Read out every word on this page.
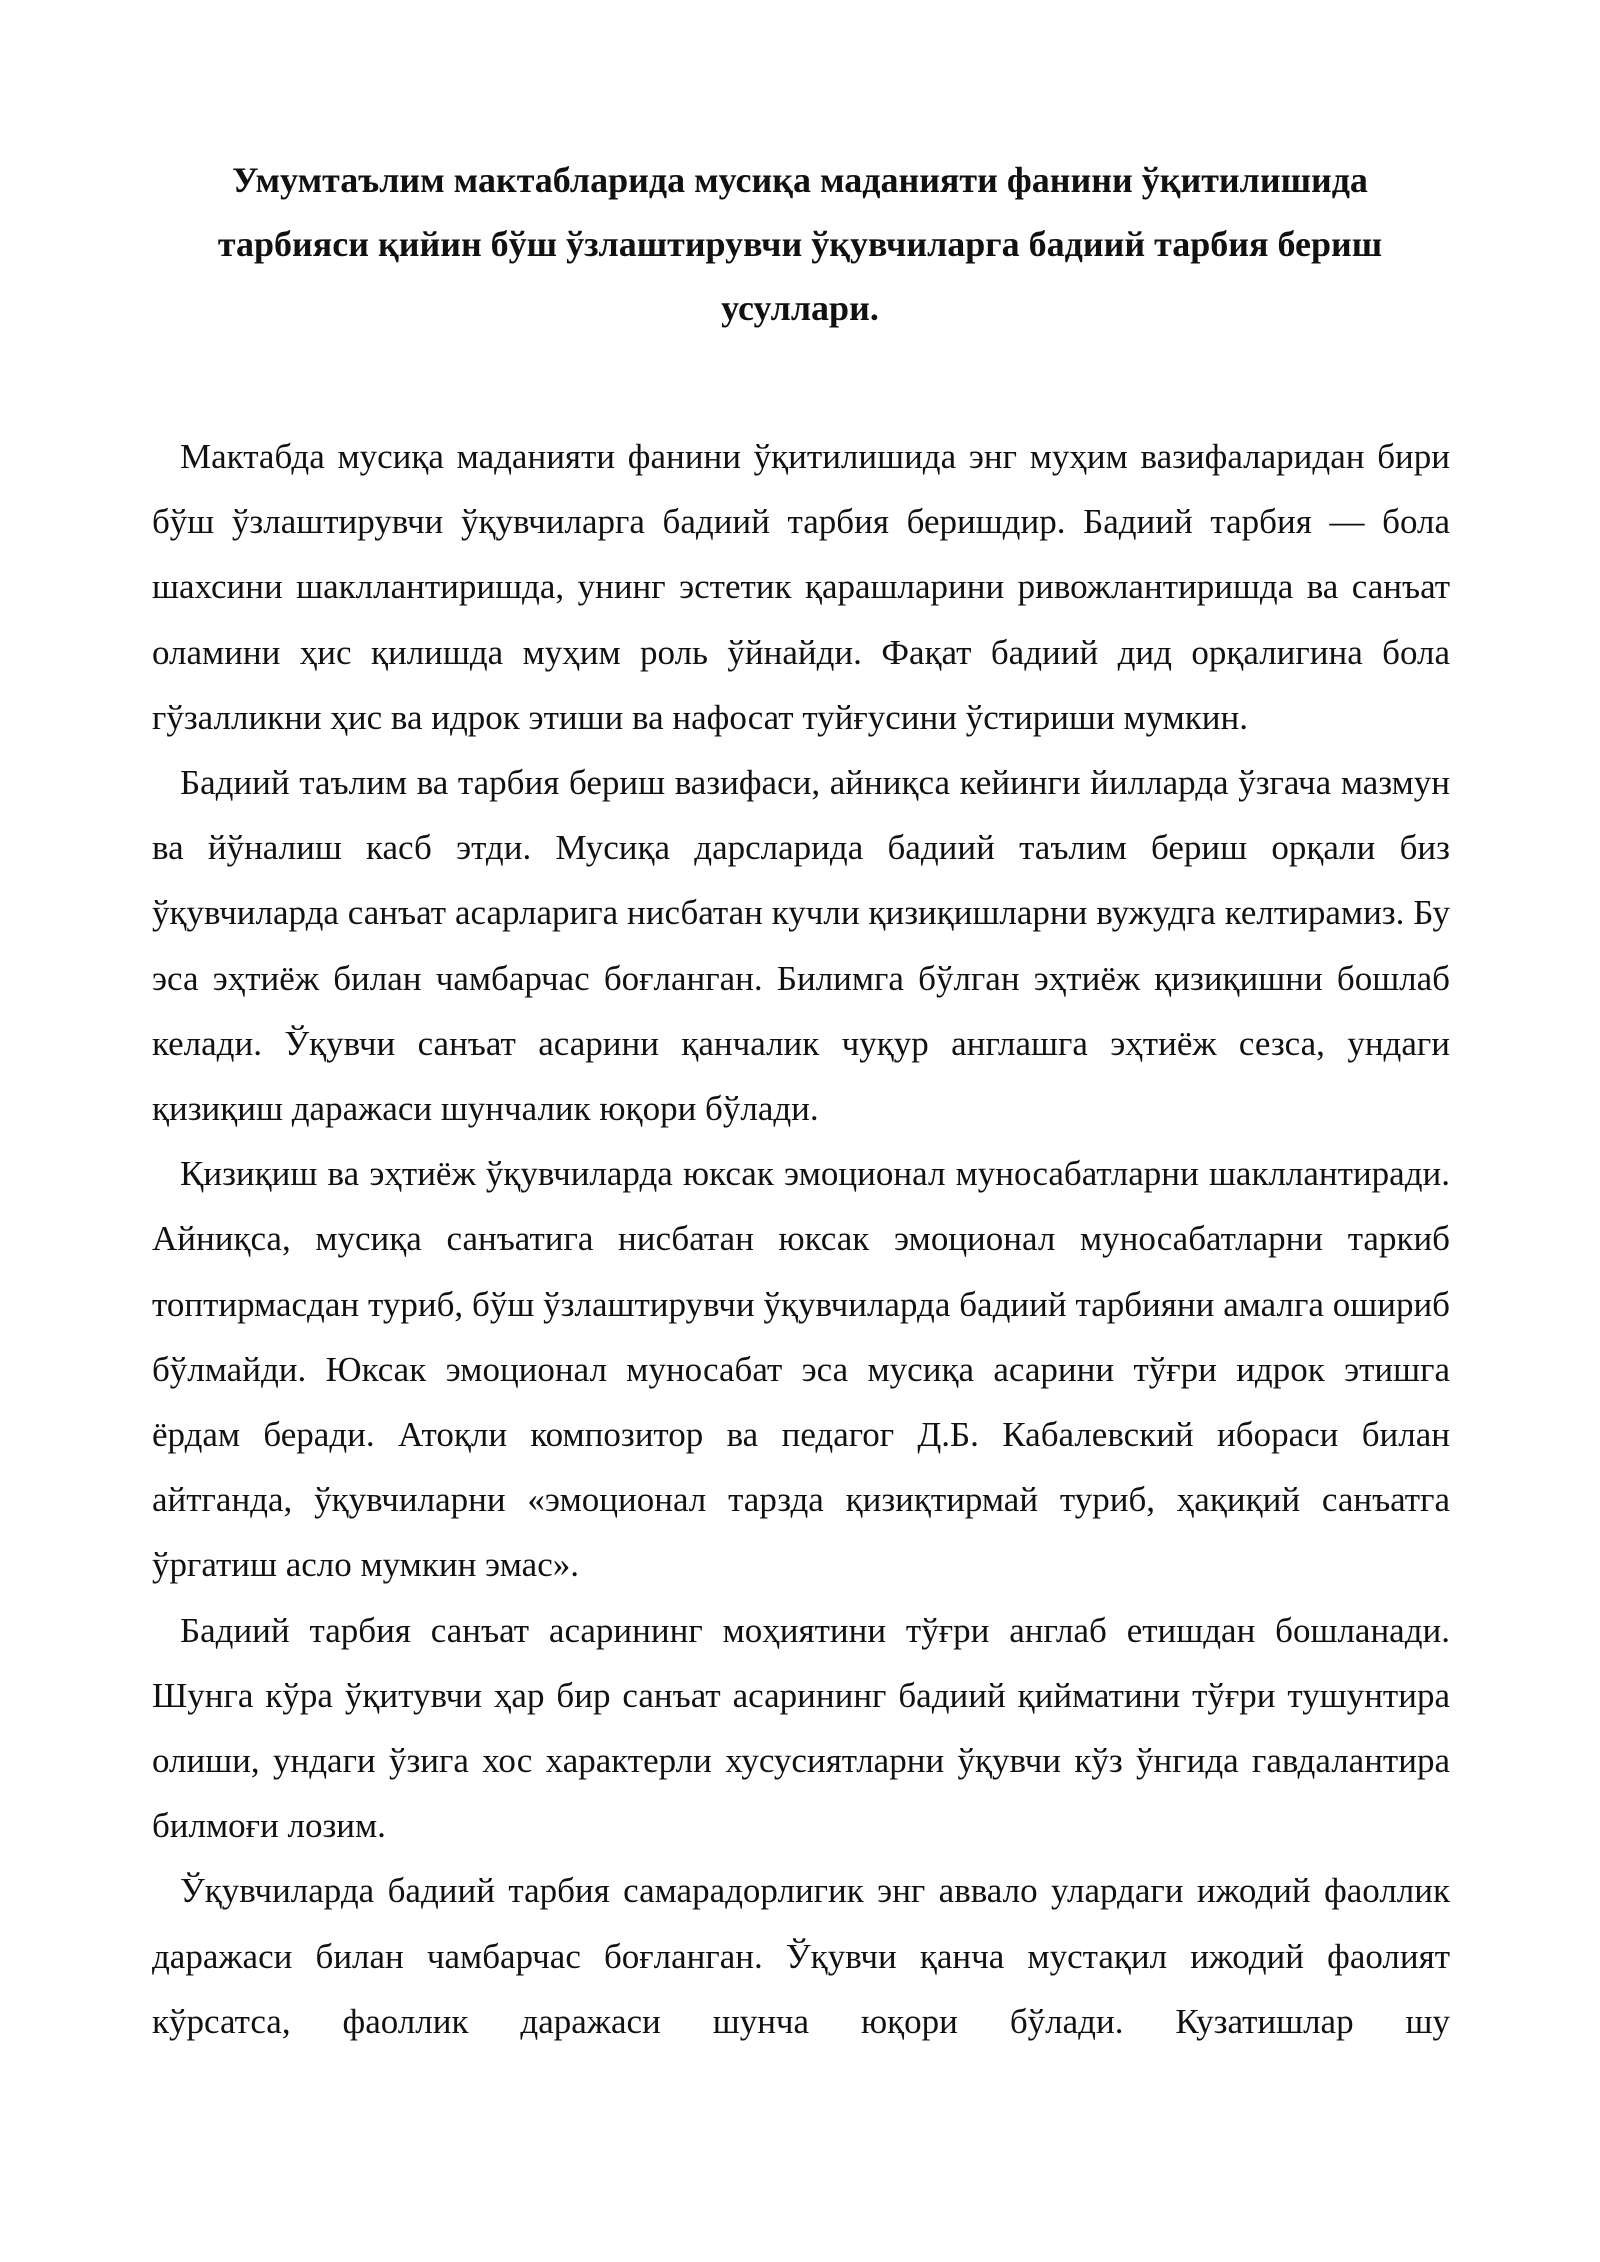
Умумтаълим мактабларида мусиқа маданияти фанини ўқитилишида тарбияси қийин бўш ўзлаштирувчи ўқувчиларга бадиий тарбия бериш усуллари.

Мактабда мусиқа маданияти фанини ўқитилишида энг муҳим вазифаларидан бири бўш ўзлаштирувчи ўқувчиларга бадиий тарбия беришдир. Бадиий тарбия — бола шахсини шакллантиришда, унинг эстетик қарашларини ривожлантиришда ва санъат оламини ҳис қилишда муҳим роль ўйнайди. Фақат бадиий дид орқалигина бола гўзалликни ҳис ва идрок этиши ва нафосат туйғусини ўстириши мумкин.

Бадиий таълим ва тарбия бериш вазифаси, айниқса кейинги йилларда ўзгача мазмун ва йўналиш касб этди. Мусиқа дарсларида бадиий таълим бериш орқали биз ўқувчиларда санъат асарларига нисбатан кучли қизиқишларни вужудга келтирамиз. Бу эса эҳтиёж билан чамбарчас боғланган. Билимга бўлган эҳтиёж қизиқишни бошлаб келади. Ўқувчи санъат асарини қанчалик чуқур англашга эҳтиёж сезса, ундаги қизиқиш даражаси шунчалик юқори бўлади.

Қизиқиш ва эҳтиёж ўқувчиларда юксак эмоционал муносабатларни шакллантиради. Айниқса, мусиқа санъатига нисбатан юксак эмоционал муносабатларни таркиб топтирмасдан туриб, бўш ўзлаштирувчи ўқувчиларда бадиий тарбияни амалга ошириб бўлмайди. Юксак эмоционал муносабат эса мусиқа асарини тўғри идрок этишга ёрдам беради. Атоқли композитор ва педагог Д.Б. Кабалевский ибораси билан айтганда, ўқувчиларни «эмоционал тарзда қизиқтирмай туриб, ҳақиқий санъатга ўргатиш асло мумкин эмас».

Бадиий тарбия санъат асарининг моҳиятини тўғри англаб етишдан бошланади. Шунга кўра ўқитувчи ҳар бир санъат асарининг бадиий қийматини тўғри тушунтира олиши, ундаги ўзига хос характерли хусусиятларни ўқувчи кўз ўнгида гавдалантира билмоғи лозим.

Ўқувчиларда бадиий тарбия самарадорлигик энг аввало улардаги ижодий фаоллик даражаси билан чамбарчас боғланган. Ўқувчи қанча мустақил ижодий фаолият кўрсатса, фаоллик даражаси шунча юқори бўлади. Кузатишлар шу
